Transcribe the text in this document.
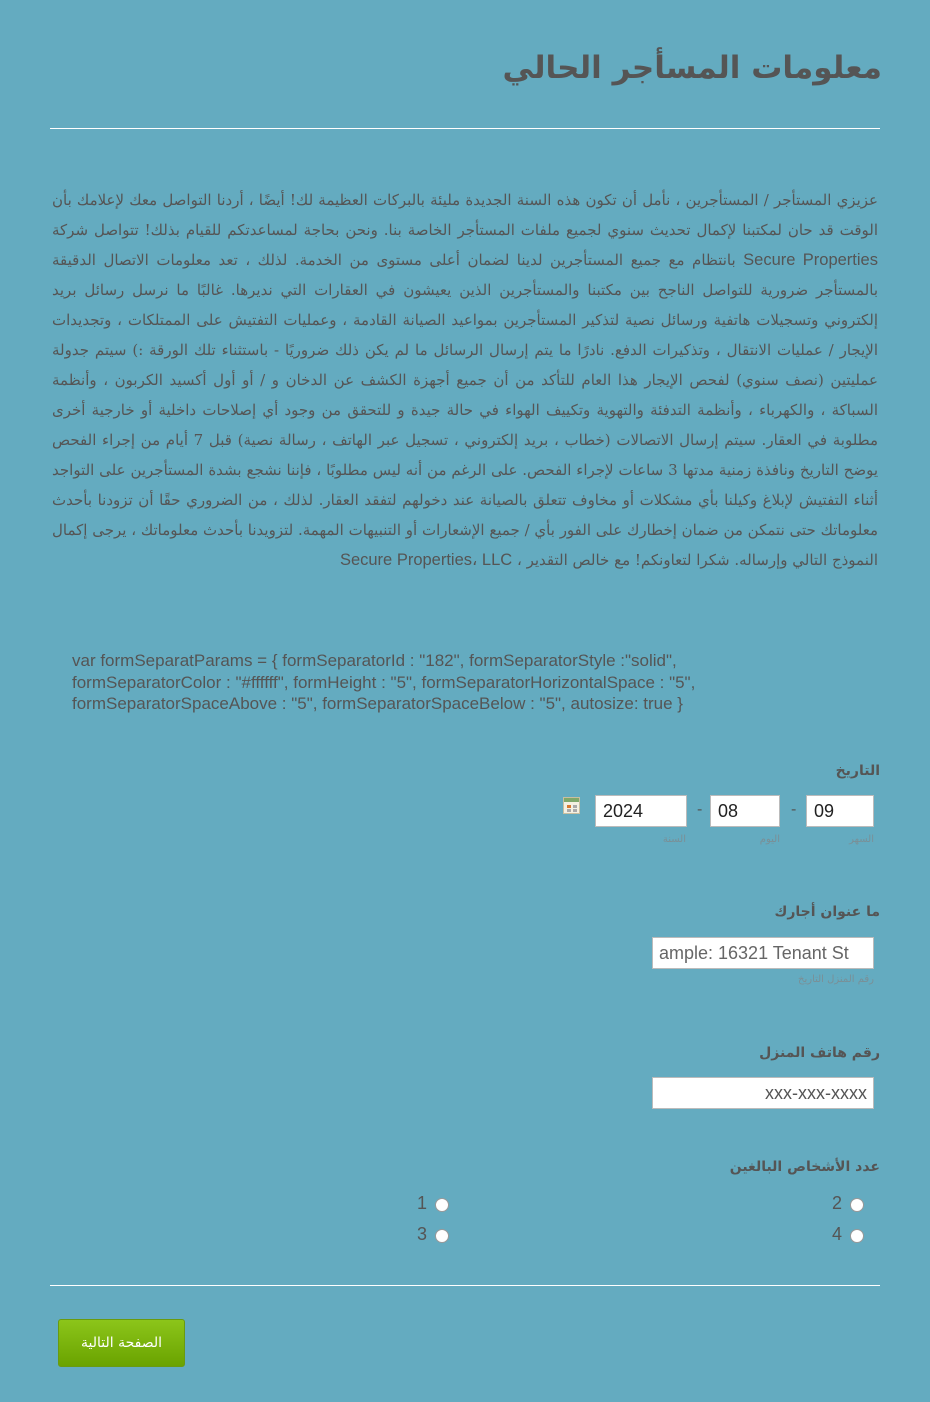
معلومات المسأجر الحالي
عزيزي المستأجر / المستأجرين ، نأمل أن تكون هذه السنة الجديدة مليئة بالبركات العظيمة لك! أيضًا ، أردنا التواصل معك لإعلامك بأن الوقت قد حان لمكتبنا لإكمال تحديث سنوي لجميع ملفات المستأجر الخاصة بنا. ونحن بحاجة لمساعدتكم للقيام بذلك! تتواصل شركة Secure Properties بانتظام مع جميع المستأجرين لدينا لضمان أعلى مستوى من الخدمة. لذلك ، تعد معلومات الاتصال الدقيقة بالمستأجر ضرورية للتواصل الناجح بين مكتبنا والمستأجرين الذين يعيشون في العقارات التي نديرها. غالبًا ما نرسل رسائل بريد إلكتروني وتسجيلات هاتفية ورسائل نصية لتذكير المستأجرين بمواعيد الصيانة القادمة ، وعمليات التفتيش على الممتلكات ، وتجديدات الإيجار / عمليات الانتقال ، وتذكيرات الدفع. نادرًا ما يتم إرسال الرسائل ما لم يكن ذلك ضروريًا - باستثناء تلك الورقة :) سيتم جدولة عمليتين (نصف سنوي) لفحص الإيجار هذا العام للتأكد من أن جميع أجهزة الكشف عن الدخان و / أو أول أكسيد الكربون ، وأنظمة السباكة ، والكهرباء ، وأنظمة التدفئة والتهوية وتكييف الهواء في حالة جيدة و للتحقق من وجود أي إصلاحات داخلية أو خارجية أخرى مطلوبة في العقار. سيتم إرسال الاتصالات (خطاب ، بريد إلكتروني ، تسجيل عبر الهاتف ، رسالة نصية) قبل 7 أيام من إجراء الفحص يوضح التاريخ ونافذة زمنية مدتها 3 ساعات لإجراء الفحص. على الرغم من أنه ليس مطلوبًا ، فإننا نشجع بشدة المستأجرين على التواجد أثناء التفتيش لإبلاغ وكيلنا بأي مشكلات أو مخاوف تتعلق بالصيانة عند دخولهم لتفقد العقار. لذلك ، من الضروري حقًا أن تزودنا بأحدث معلوماتك حتى نتمكن من ضمان إخطارك على الفور بأي / جميع الإشعارات أو التنبيهات المهمة. لتزويدنا بأحدث معلوماتك ، يرجى إكمال النموذج التالي وإرساله. شكرا لتعاونكم! مع خالص التقدير ، Secure Properties، LLC
var formSeparatParams = { formSeparatorId : "182", formSeparatorStyle :"solid", formSeparatorColor : "#ffffff", formHeight : "5", formSeparatorHorizontalSpace : "5", formSeparatorSpaceAbove : "5", formSeparatorSpaceBelow : "5", autosize: true }
التاريخ
09
-
08
-
2024
السهر
اليوم
السنة
ما عنوان أجارك
ample: 16321 Tenant St
رقم المنزل التاريخ
رقم هاتف المنزل
xxx-xxx-xxxx
عدد الأشخاص البالغين
2
1
4
3
الصفحة التالية
